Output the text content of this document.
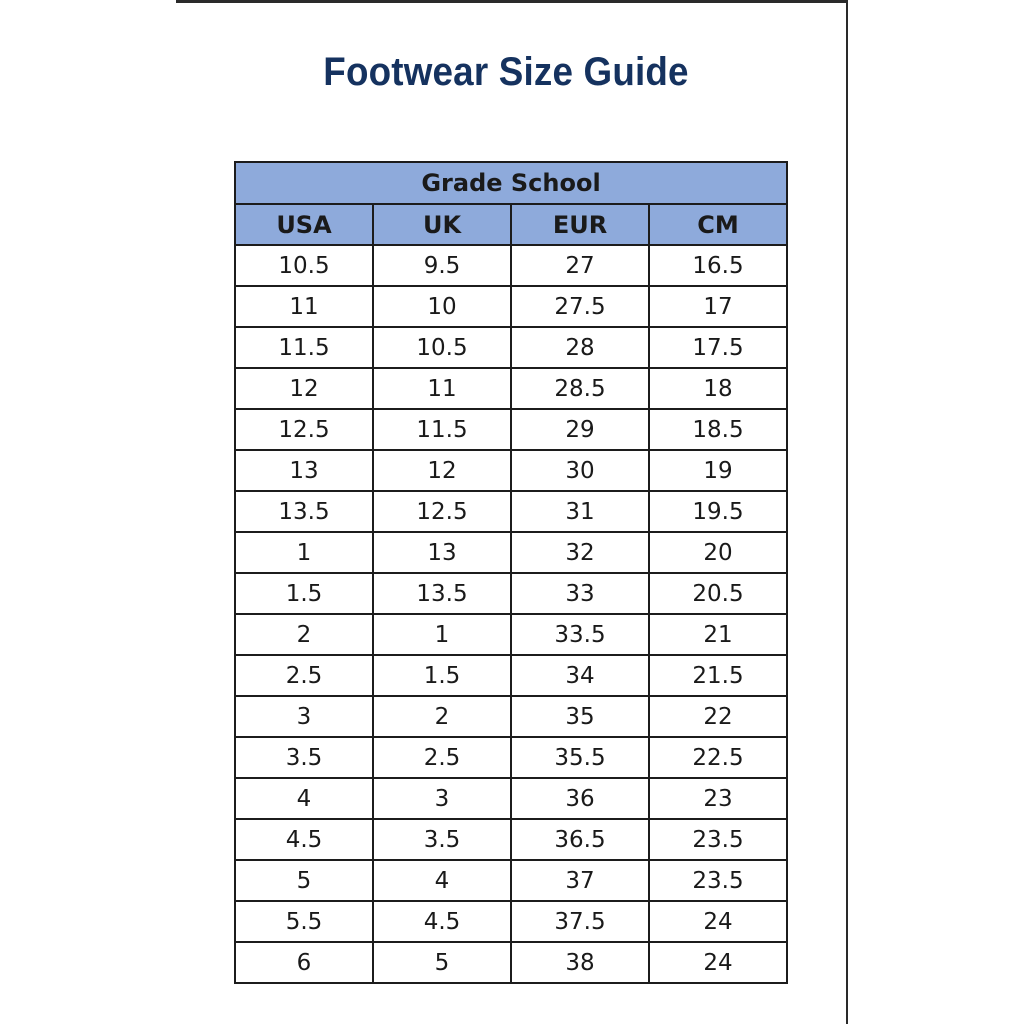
Footwear Size Guide
Grade School			
USA	UK	EUR	CM
10.5	9.5	27	16.5
11	10	27.5	17
11.5	10.5	28	17.5
12	11	28.5	18
12.5	11.5	29	18.5
13	12	30	19
13.5	12.5	31	19.5
1	13	32	20
1.5	13.5	33	20.5
2	1	33.5	21
2.5	1.5	34	21.5
3	2	35	22
3.5	2.5	35.5	22.5
4	3	36	23
4.5	3.5	36.5	23.5
5	4	37	23.5
5.5	4.5	37.5	24
6	5	38	24
